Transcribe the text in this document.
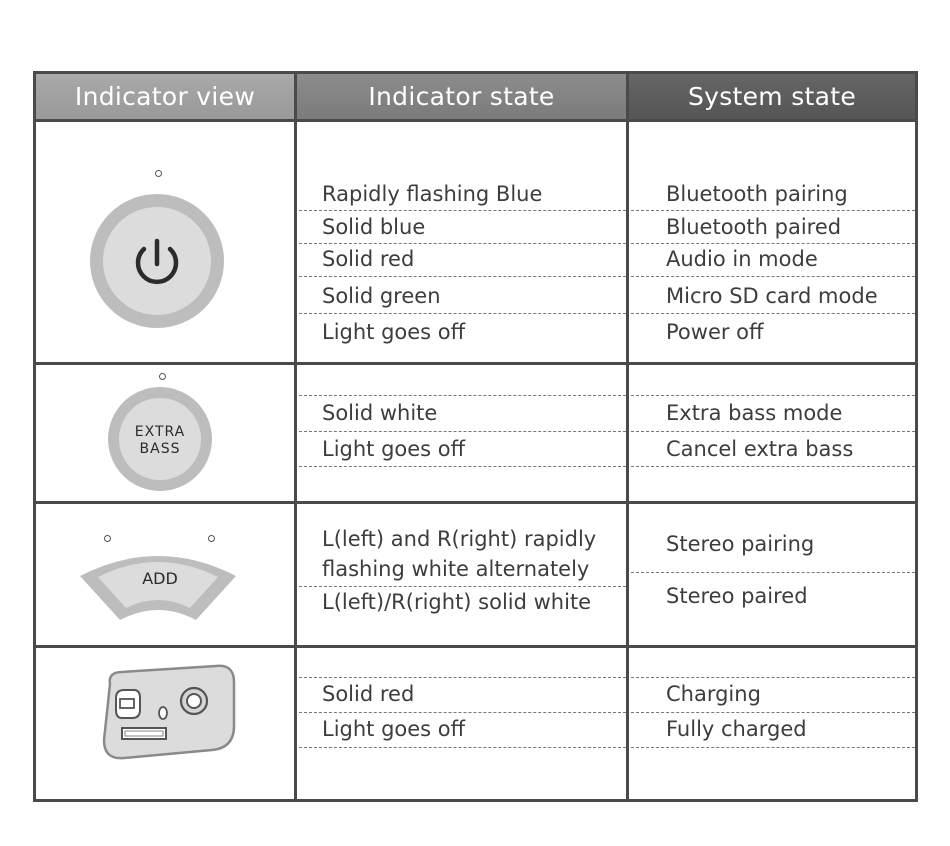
Indicator view	Indicator state	System state
Rapidly flashing Blue
Solid blue
Solid red
Solid green
Light goes off
Bluetooth pairing
Bluetooth paired
Audio in mode
Micro SD card mode
Power off
EXTRA
BASS
Solid white
Light goes off
Extra bass mode
Cancel extra bass
ADD
L(left) and R(right) rapidly flashing white alternately
L(left)/R(right) solid white
Stereo pairing
Stereo paired
Solid red
Light goes off
Charging
Fully charged
